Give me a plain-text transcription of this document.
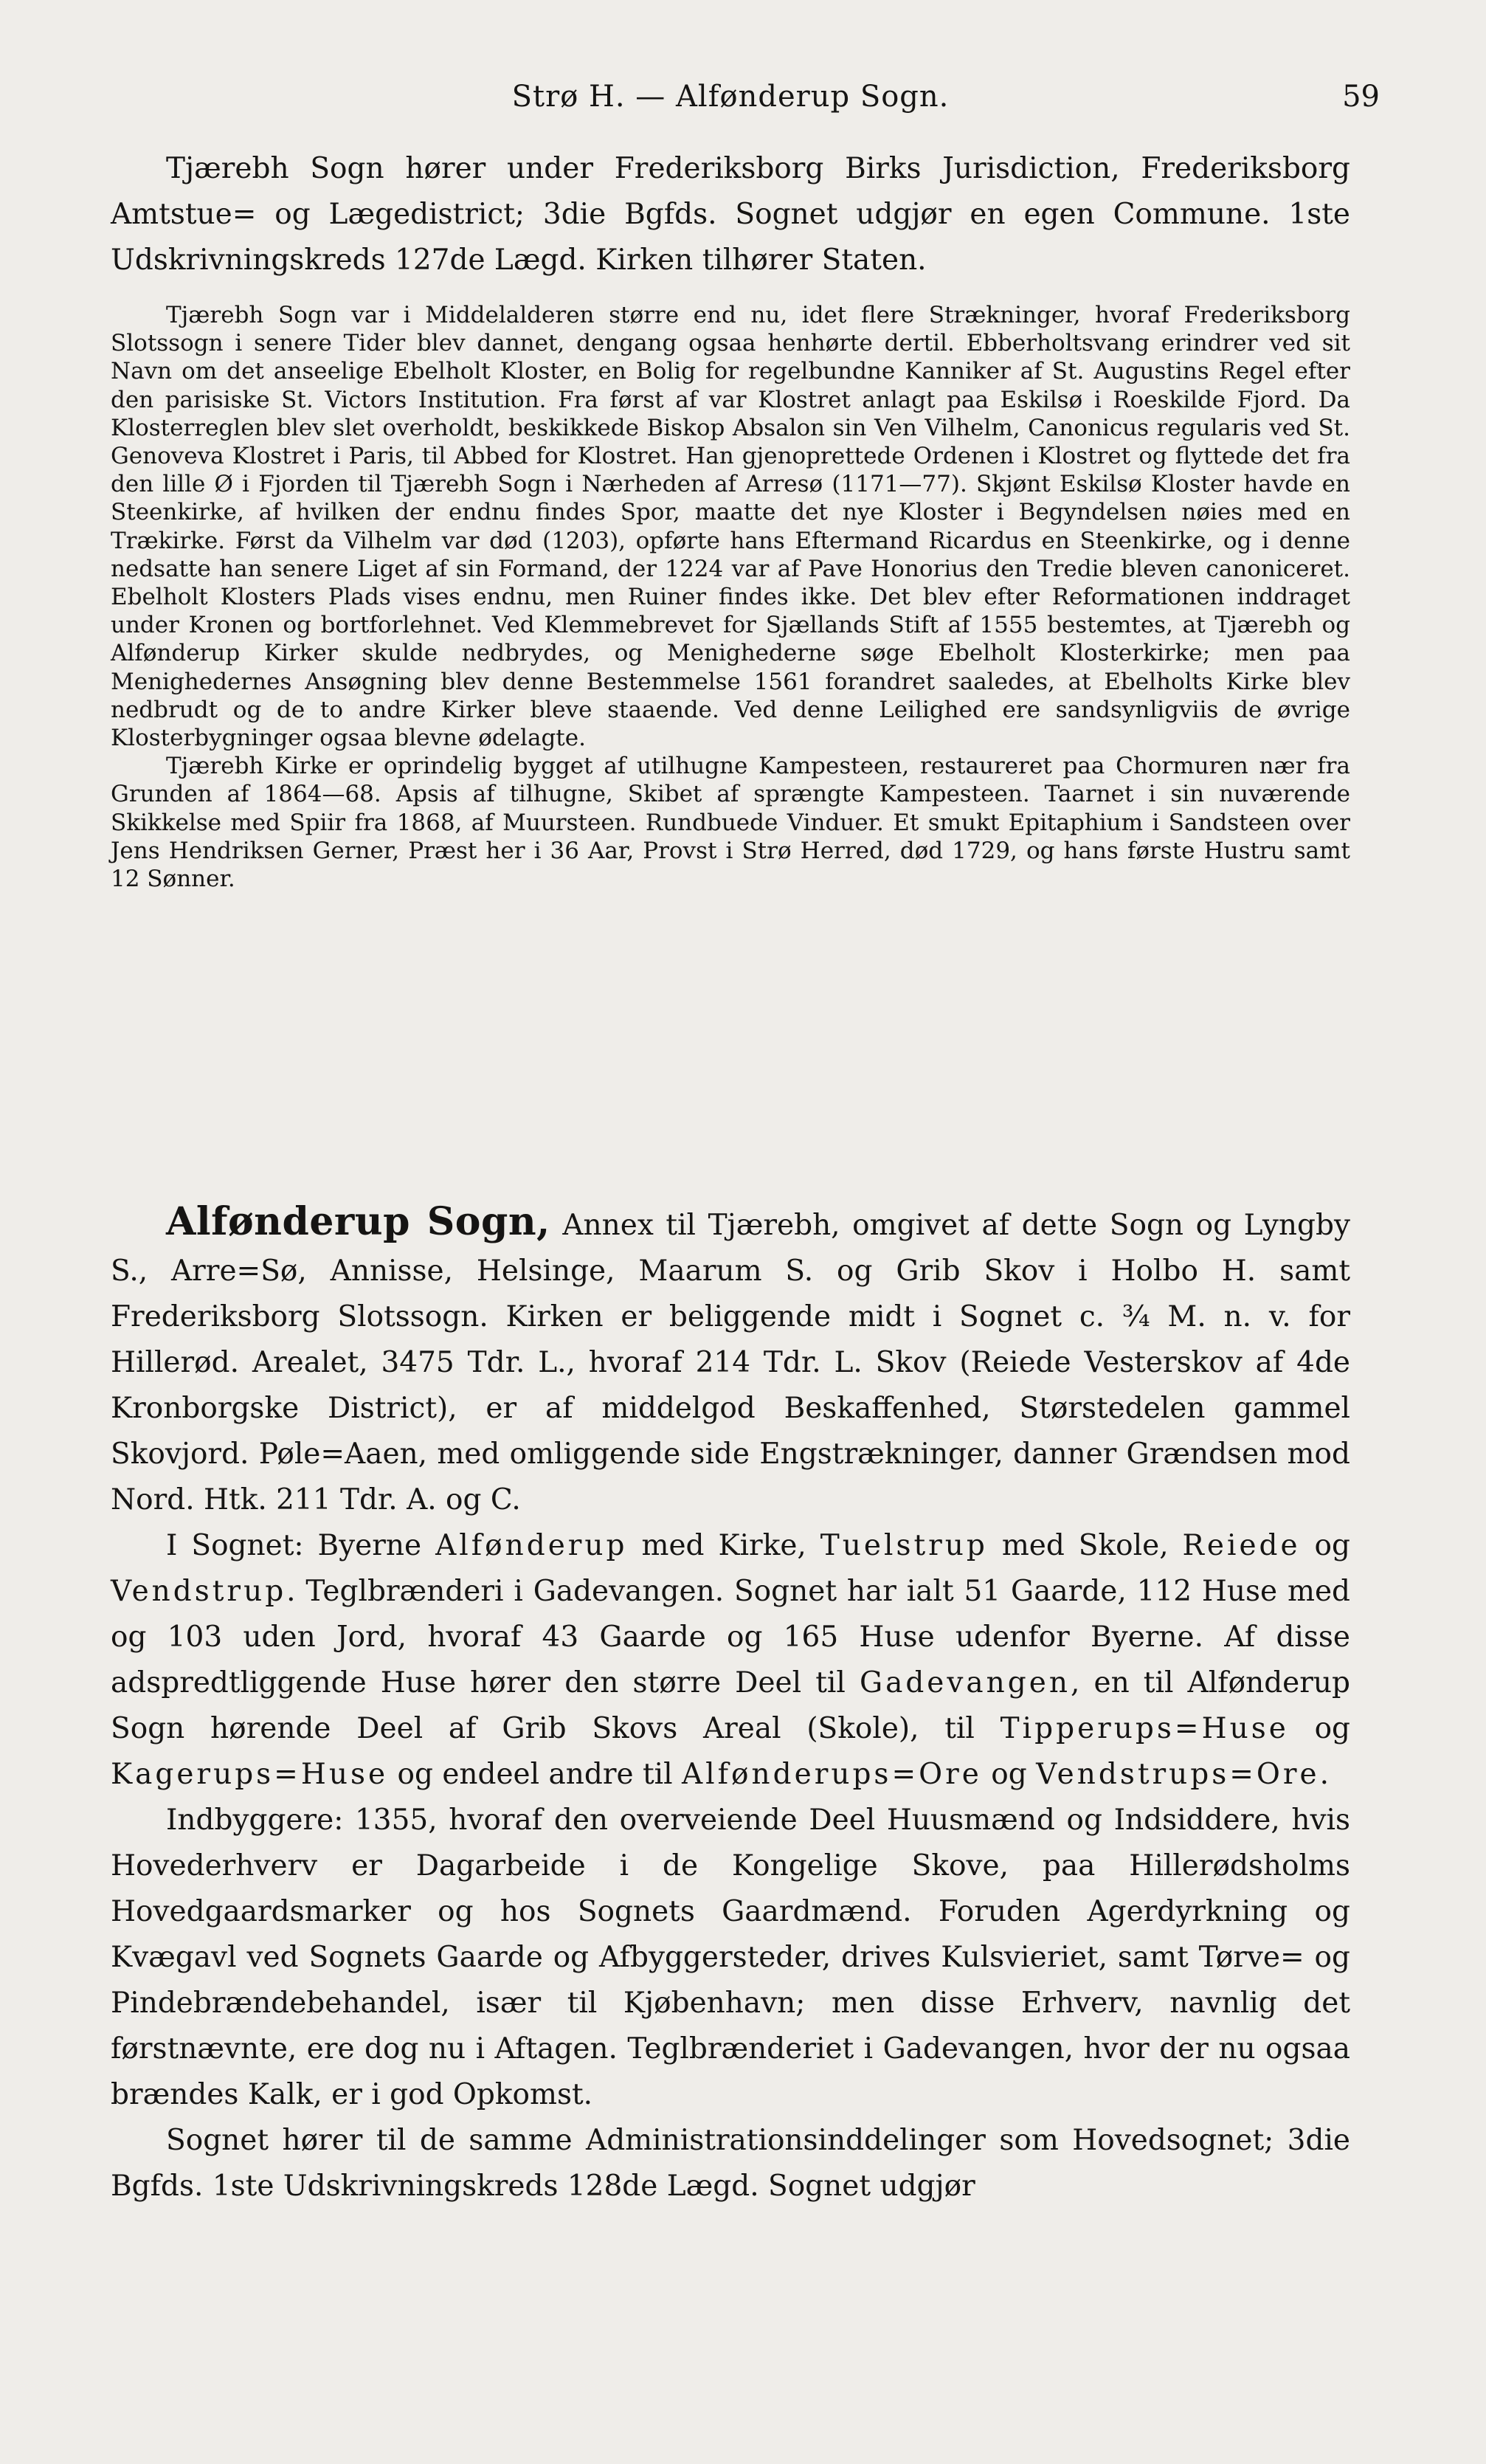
Strø H. — Alfønderup Sogn.	59

Tjærebh Sogn hører under Frederiksborg Birks Jurisdiction, Frederiksborg Amtstue= og Lægedistrict; 3die Bgfds. Sognet udgjør en egen Commune. 1ste Udskrivningskreds 127de Lægd. Kirken tilhører Staten.

Tjærebh Sogn var i Middelalderen større end nu, idet flere Strækninger, hvoraf Frederiksborg Slotssogn i senere Tider blev dannet, dengang ogsaa henhørte dertil. Ebberholtsvang erindrer ved sit Navn om det anseelige Ebelholt Kloster, en Bolig for regelbundne Kanniker af St. Augustins Regel efter den parisiske St. Victors Institution. Fra først af var Klostret anlagt paa Eskilsø i Roeskilde Fjord. Da Klosterreglen blev slet overholdt, beskikkede Biskop Absalon sin Ven Vilhelm, Canonicus regularis ved St. Genoveva Klostret i Paris, til Abbed for Klostret. Han gjenoprettede Ordenen i Klostret og flyttede det fra den lille Ø i Fjorden til Tjærebh Sogn i Nærheden af Arresø (1171—77). Skjønt Eskilsø Kloster havde en Steenkirke, af hvilken der endnu findes Spor, maatte det nye Kloster i Begyndelsen nøies med en Trækirke. Først da Vilhelm var død (1203), opførte hans Eftermand Ricardus en Steenkirke, og i denne nedsatte han senere Liget af sin Formand, der 1224 var af Pave Honorius den Tredie bleven canoniceret. Ebelholt Klosters Plads vises endnu, men Ruiner findes ikke. Det blev efter Reformationen inddraget under Kronen og bortforlehnet. Ved Klemmebrevet for Sjællands Stift af 1555 bestemtes, at Tjærebh og Alfønderup Kirker skulde nedbrydes, og Menighederne søge Ebelholt Klosterkirke; men paa Menighedernes Ansøgning blev denne Bestemmelse 1561 forandret saaledes, at Ebelholts Kirke blev nedbrudt og de to andre Kirker bleve staaende. Ved denne Leilighed ere sandsynligviis de øvrige Klosterbygninger ogsaa blevne ødelagte.

Tjærebh Kirke er oprindelig bygget af utilhugne Kampesteen, restaureret paa Chormuren nær fra Grunden af 1864—68. Apsis af tilhugne, Skibet af sprængte Kampesteen. Taarnet i sin nuværende Skikkelse med Spiir fra 1868, af Muursteen. Rundbuede Vinduer. Et smukt Epitaphium i Sandsteen over Jens Hendriksen Gerner, Præst her i 36 Aar, Provst i Strø Herred, død 1729, og hans første Hustru samt 12 Sønner.

Alfønderup Sogn, Annex til Tjærebh, omgivet af dette Sogn og Lyngby S., Arre=Sø, Annisse, Helsinge, Maarum S. og Grib Skov i Holbo H. samt Frederiksborg Slotssogn. Kirken er beliggende midt i Sognet c. ¾ M. n. v. for Hillerød. Arealet, 3475 Tdr. L., hvoraf 214 Tdr. L. Skov (Reiede Vesterskov af 4de Kronborgske District), er af middelgod Beskaffenhed, Størstedelen gammel Skovjord. Pøle=Aaen, med omliggende side Engstrækninger, danner Grændsen mod Nord. Htk. 211 Tdr. A. og C.

I Sognet: Byerne Alfønderup med Kirke, Tuelstrup med Skole, Reiede og Vendstrup. Teglbrænderi i Gadevangen. Sognet har ialt 51 Gaarde, 112 Huse med og 103 uden Jord, hvoraf 43 Gaarde og 165 Huse udenfor Byerne. Af disse adspredtliggende Huse hører den større Deel til Gadevangen, en til Alfønderup Sogn hørende Deel af Grib Skovs Areal (Skole), til Tipperups=Huse og Kagerups=Huse og endeel andre til Alfønderups=Ore og Vendstrups=Ore.

Indbyggere: 1355, hvoraf den overveiende Deel Huusmænd og Indsiddere, hvis Hovederhverv er Dagarbeide i de Kongelige Skove, paa Hillerødsholms Hovedgaardsmarker og hos Sognets Gaardmænd. Foruden Agerdyrkning og Kvægavl ved Sognets Gaarde og Afbyggersteder, drives Kulsvieriet, samt Tørve= og Pindebrændebehandel, især til Kjøbenhavn; men disse Erhverv, navnlig det førstnævnte, ere dog nu i Aftagen. Teglbrænderiet i Gadevangen, hvor der nu ogsaa brændes Kalk, er i god Opkomst.

Sognet hører til de samme Administrationsinddelinger som Hovedsognet; 3die Bgfds. 1ste Udskrivningskreds 128de Lægd. Sognet udgjør
